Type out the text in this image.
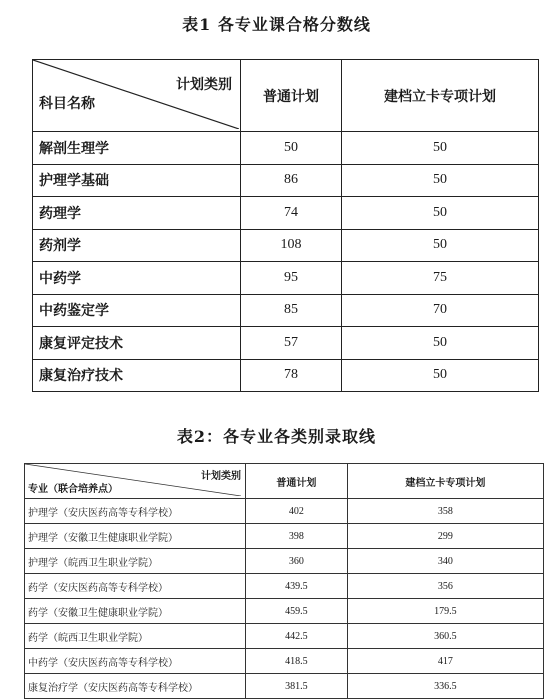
表1 各专业课合格分数线
计划类别
科目名称	普通计划	建档立卡专项计划
解剖生理学	50	50
护理学基础	86	50
药理学	74	50
药剂学	108	50
中药学	95	75
中药鉴定学	85	70
康复评定技术	57	50
康复治疗技术	78	50
表2：各专业各类别录取线
计划类别
专业（联合培养点）	普通计划	建档立卡专项计划
护理学（安庆医药高等专科学校）	402	358
护理学（安徽卫生健康职业学院）	398	299
护理学（皖西卫生职业学院）	360	340
药学（安庆医药高等专科学校）	439.5	356
药学（安徽卫生健康职业学院）	459.5	179.5
药学（皖西卫生职业学院）	442.5	360.5
中药学（安庆医药高等专科学校）	418.5	417
康复治疗学（安庆医药高等专科学校）	381.5	336.5
